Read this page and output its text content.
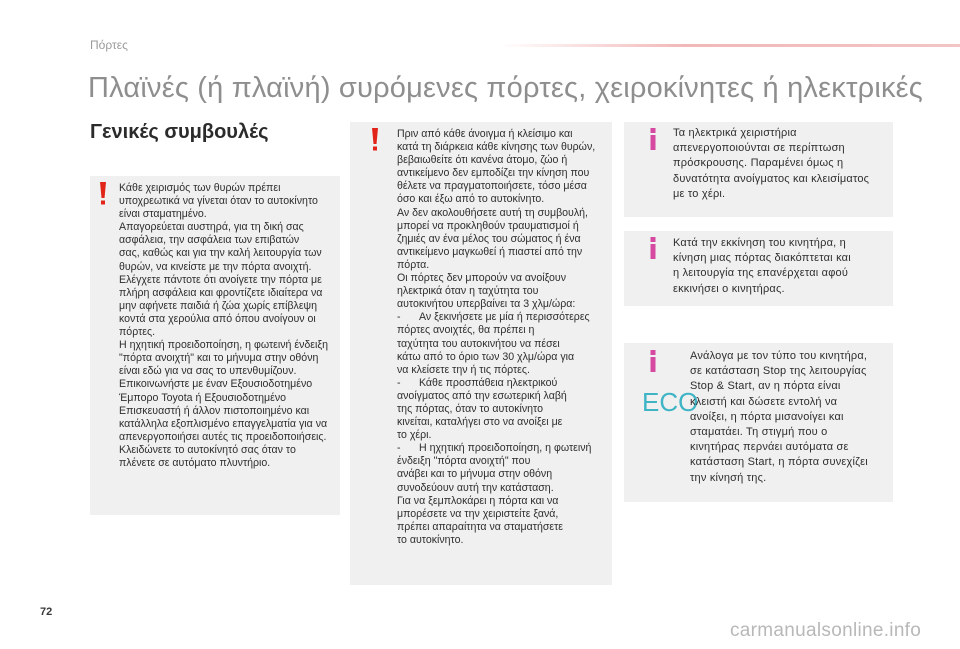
Πόρτες
Πλαϊνές (ή πλαϊνή) συρόμενες πόρτες, χειροκίνητες ή ηλεκτρικές
Γενικές συμβουλές

Κάθε χειρισμός των θυρών πρέπει

υποχρεωτικά να γίνεται όταν το αυτοκίνητο

είναι σταματημένο.

Απαγορεύεται αυστηρά, για τη δική σας

ασφάλεια, την ασφάλεια των επιβατών

σας, καθώς και για την καλή λειτουργία των

θυρών, να κινείστε με την πόρτα ανοιχτή.

Ελέγχετε πάντοτε ότι ανοίγετε την πόρτα με

πλήρη ασφάλεια και φροντίζετε ιδιαίτερα να

μην αφήνετε παιδιά ή ζώα χωρίς επίβλεψη

κοντά στα χερούλια από όπου ανοίγουν οι

πόρτες.

Η ηχητική προειδοποίηση, η φωτεινή ένδειξη

"πόρτα ανοιχτή" και το μήνυμα στην οθόνη

είναι εδώ για να σας το υπενθυμίζουν.

Επικοινωνήστε με έναν Εξουσιοδοτημένο

Έμπορο Toyota ή Εξουσιοδοτημένο

Επισκευαστή ή άλλον πιστοποιημένο και

κατάλληλα εξοπλισμένο επαγγελματία για να

απενεργοποιήσει αυτές τις προειδοποιήσεις.

Κλειδώνετε το αυτοκίνητό σας όταν το

πλένετε σε αυτόματο πλυντήριο.

Πριν από κάθε άνοιγμα ή κλείσιμο και

κατά τη διάρκεια κάθε κίνησης των θυρών,

βεβαιωθείτε ότι κανένα άτομο, ζώο ή

αντικείμενο δεν εμποδίζει την κίνηση που

θέλετε να πραγματοποιήσετε, τόσο μέσα

όσο και έξω από το αυτοκίνητο.

Αν δεν ακολουθήσετε αυτή τη συμβουλή,

μπορεί να προκληθούν τραυματισμοί ή

ζημιές αν ένα μέλος του σώματος ή ένα

αντικείμενο μαγκωθεί ή πιαστεί από την

πόρτα.

Οι πόρτες δεν μπορούν να ανοίξουν

ηλεκτρικά όταν η ταχύτητα του

αυτοκινήτου υπερβαίνει τα 3 χλμ/ώρα:

- Αν ξεκινήσετε με μία ή περισσότερες

πόρτες ανοιχτές, θα πρέπει η

ταχύτητα του αυτοκινήτου να πέσει

κάτω από το όριο των 30 χλμ/ώρα για

να κλείσετε την ή τις πόρτες.

- Κάθε προσπάθεια ηλεκτρικού

ανοίγματος από την εσωτερική λαβή

της πόρτας, όταν το αυτοκίνητο

κινείται, καταλήγει στο να ανοίξει με

το χέρι.

- Η ηχητική προειδοποίηση, η φωτεινή

ένδειξη "πόρτα ανοιχτή" που

ανάβει και το μήνυμα στην οθόνη

συνοδεύουν αυτή την κατάσταση.

Για να ξεμπλοκάρει η πόρτα και να

μπορέσετε να την χειριστείτε ξανά,

πρέπει απαραίτητα να σταματήσετε

το αυτοκίνητο.

Τα ηλεκτρικά χειριστήρια

απενεργοποιούνται σε περίπτωση

πρόσκρουσης. Παραμένει όμως η

δυνατότητα ανοίγματος και κλεισίματος

με το χέρι.

Κατά την εκκίνηση του κινητήρα, η

κίνηση μιας πόρτας διακόπτεται και

η λειτουργία της επανέρχεται αφού

εκκινήσει ο κινητήρας.

ECO

Ανάλογα με τον τύπο του κινητήρα,

σε κατάσταση Stop της λειτουργίας

Stop & Start, αν η πόρτα είναι

κλειστή και δώσετε εντολή να

ανοίξει, η πόρτα μισανοίγει και

σταματάει. Τη στιγμή που ο

κινητήρας περνάει αυτόματα σε

κατάσταση Start, η πόρτα συνεχίζει

την κίνησή της.

72
carmanualsonline.info
